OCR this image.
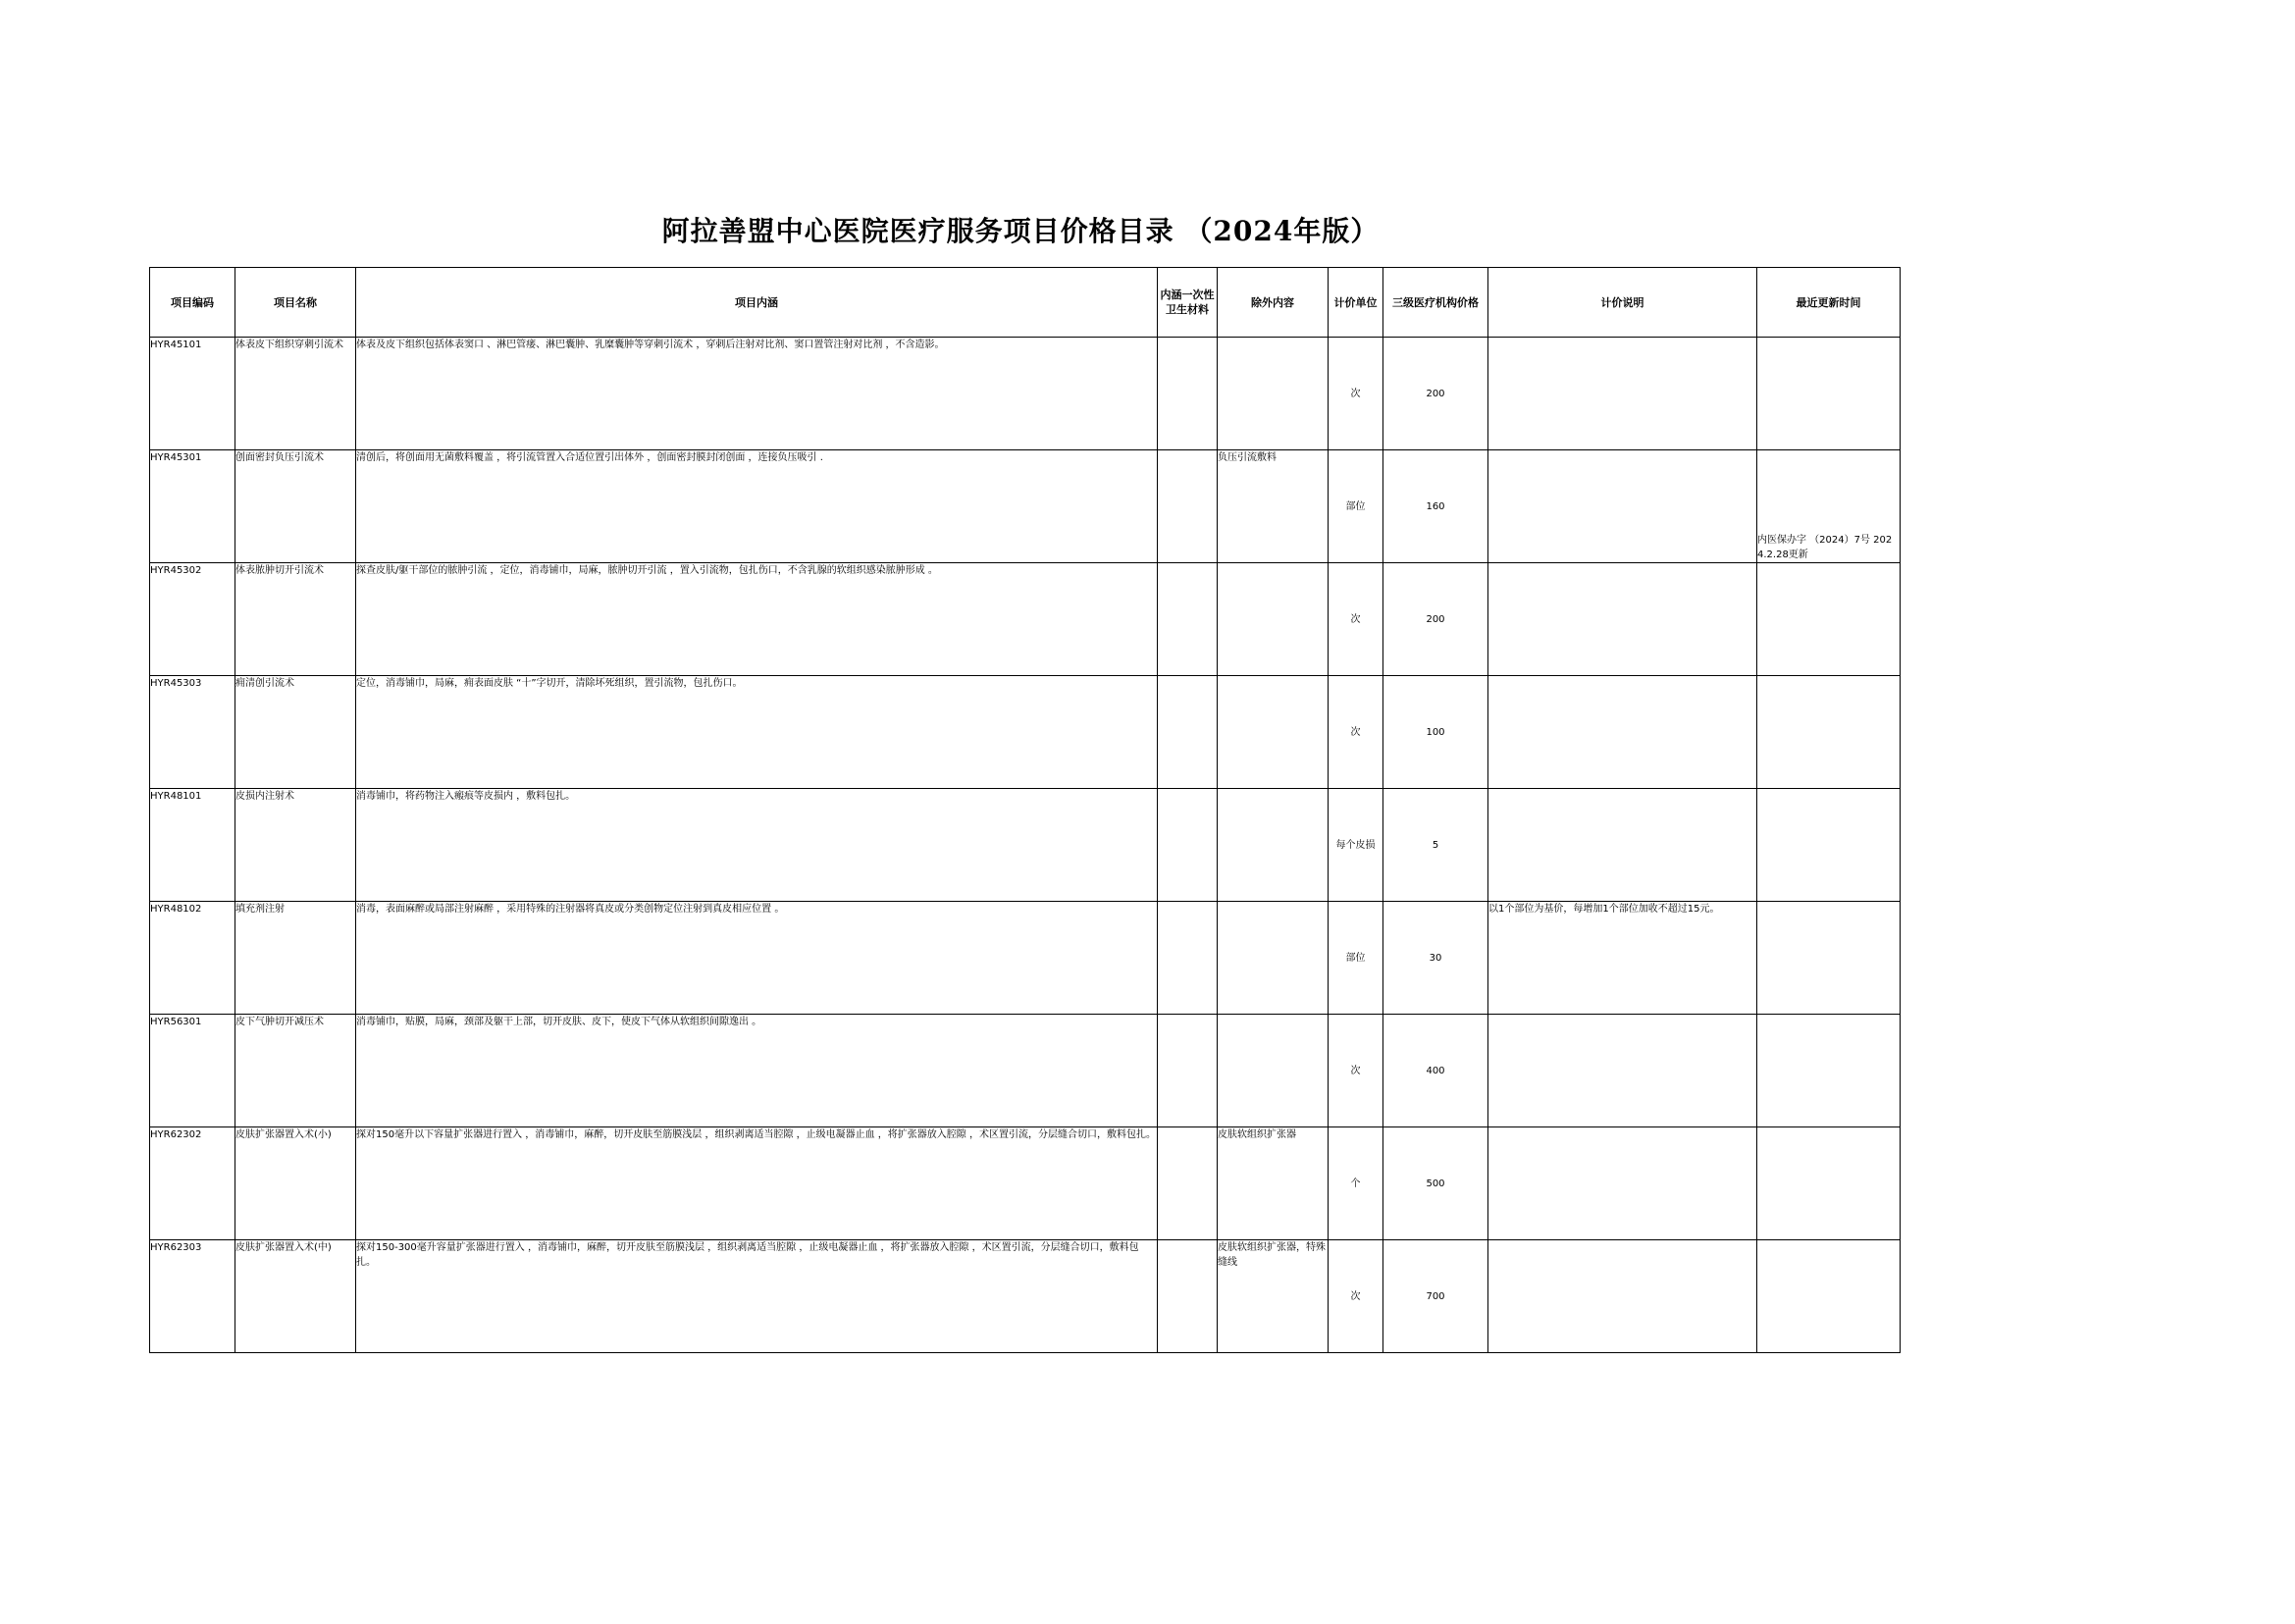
阿拉善盟中心医院医疗服务项目价格目录 （2024年版）
项目编码	项目名称	项目内涵	内涵一次性卫生材料	除外内容	计价单位	三级医疗机构价格	计价说明	最近更新时间
HYR45101	体表皮下组织穿刺引流术	体表及皮下组织包括体表窦口 、淋巴管瘘、淋巴囊肿、乳糜囊肿等穿刺引流术 ，穿刺后注射对比剂、窦口置管注射对比剂 ，不含造影。			次	200		
HYR45301	创面密封负压引流术	清创后，将创面用无菌敷料覆盖 ，将引流管置入合适位置引出体外 ，创面密封膜封闭创面 ，连接负压吸引 .		负压引流敷料	部位	160		内医保办字 （2024）7号 2024.2.28更新

HYR45302	体表脓肿切开引流术	探查皮肤/躯干部位的脓肿引流 ，定位，消毒铺巾，局麻，脓肿切开引流 ，置入引流物，包扎伤口，不含乳腺的软组织感染脓肿形成 。			次	200		
HYR45303	痈清创引流术	定位，消毒铺巾，局麻，痈表面皮肤 “十”字切开，清除坏死组织，置引流物，包扎伤口。			次	100		
HYR48101	皮损内注射术	消毒铺巾，将药物注入瘢痕等皮损内 ，敷料包扎。			每个皮损	5		
HYR48102	填充剂注射	消毒，表面麻醉或局部注射麻醉 ，采用特殊的注射器将真皮或分类创物定位注射到真皮相应位置 。			部位	30	以1个部位为基价，每增加1个部位加收不超过15元。	
HYR56301	皮下气肿切开减压术	消毒铺巾，贴膜，局麻，颈部及躯干上部，切开皮肤、皮下，使皮下气体从软组织间隙逸出 。			次	400		
HYR62302	皮肤扩张器置入术(小)	探对150毫升以下容量扩张器进行置入 ，消毒铺巾，麻醉，切开皮肤至筋膜浅层 ，组织剥离适当腔隙 ，止级电凝器止血 ，将扩张器放入腔隙 ，术区置引流，分层缝合切口，敷料包扎。		皮肤软组织扩张器	个	500		
HYR62303	皮肤扩张器置入术(中)	探对150-300毫升容量扩张器进行置入 ，消毒铺巾，麻醉，切开皮肤至筋膜浅层 ，组织剥离适当腔隙 ，止级电凝器止血 ，将扩张器放入腔隙 ，术区置引流，分层缝合切口，敷料包扎。		皮肤软组织扩张器，特殊缝线	次	700		
